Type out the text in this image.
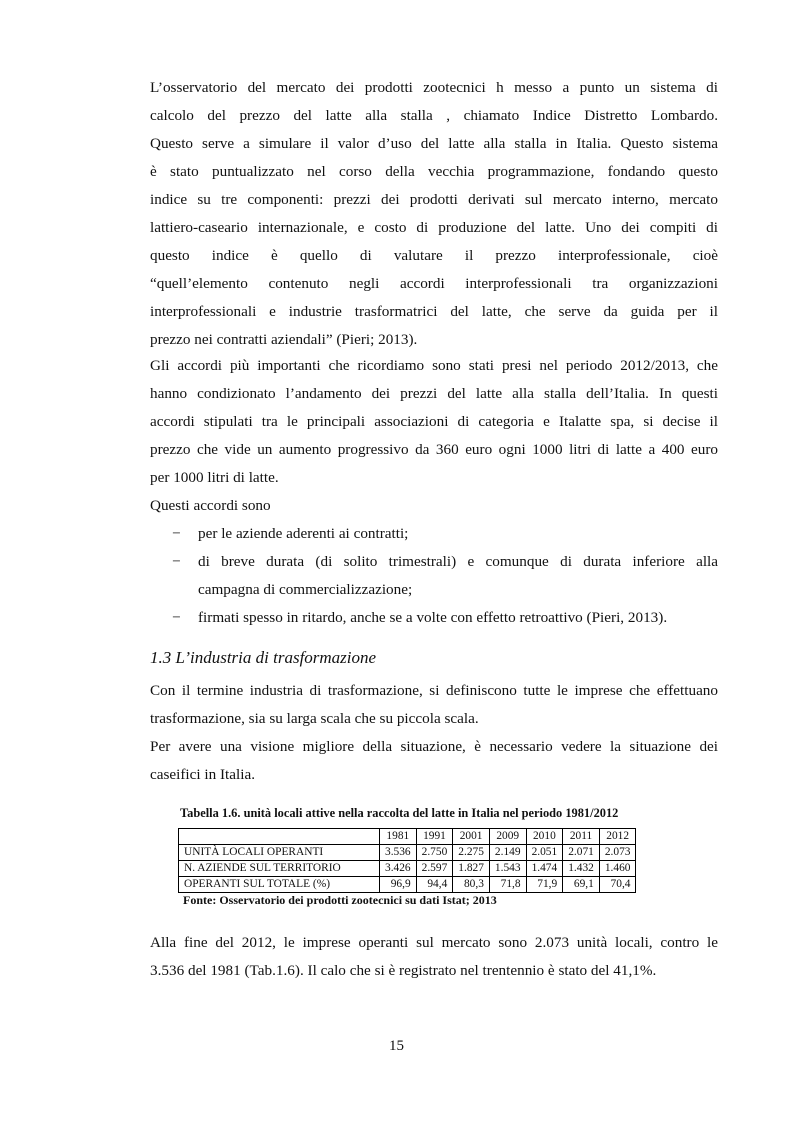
L’osservatorio del mercato dei prodotti zootecnici h messo a punto un sistema di
calcolo del prezzo del latte alla stalla , chiamato Indice Distretto Lombardo.
Questo serve a simulare il valor d’uso del latte alla stalla in Italia. Questo sistema
è stato puntualizzato nel corso della vecchia programmazione, fondando questo
indice su tre componenti: prezzi dei prodotti derivati sul mercato interno, mercato
lattiero-caseario internazionale, e costo di produzione del latte. Uno dei compiti di
questo indice è quello di valutare il prezzo interprofessionale, cioè
“quell’elemento contenuto negli accordi interprofessionali tra organizzazioni
interprofessionali e industrie trasformatrici del latte, che serve da guida per il
prezzo nei contratti aziendali” (Pieri; 2013).
Gli accordi più importanti che ricordiamo sono stati presi nel periodo 2012/2013, che
hanno condizionato l’andamento dei prezzi del latte alla stalla dell’Italia. In questi
accordi stipulati tra le principali associazioni di categoria e Italatte spa, si decise il
prezzo che vide un aumento progressivo da 360 euro ogni 1000 litri di latte a 400 euro
per 1000 litri di latte.
Questi accordi sono
− per le aziende aderenti ai contratti;
− di breve durata (di solito trimestrali) e comunque di durata inferiore alla
campagna di commercializzazione;
− firmati spesso in ritardo, anche se a volte con effetto retroattivo (Pieri, 2013).
1.3 L’industria di trasformazione
Con il termine industria di trasformazione, si definiscono tutte le imprese che effettuano
trasformazione, sia su larga scala che su piccola scala.
Per avere una visione migliore della situazione, è necessario vedere la situazione dei
caseifici in Italia.
Tabella 1.6. unità locali attive nella raccolta del latte in Italia nel periodo 1981/2012
	1981	1991	2001	2009	2010	2011	2012
UNITÀ LOCALI OPERANTI	3.536	2.750	2.275	2.149	2.051	2.071	2.073
N. AZIENDE SUL TERRITORIO	3.426	2.597	1.827	1.543	1.474	1.432	1.460
OPERANTI SUL TOTALE (%)	96,9	94,4	80,3	71,8	71,9	69,1	70,4
Fonte: Osservatorio dei prodotti zootecnici su dati Istat; 2013
Alla fine del 2012, le imprese operanti sul mercato sono 2.073 unità locali, contro le
3.536 del 1981 (Tab.1.6). Il calo che si è registrato nel trentennio è stato del 41,1%.
15
